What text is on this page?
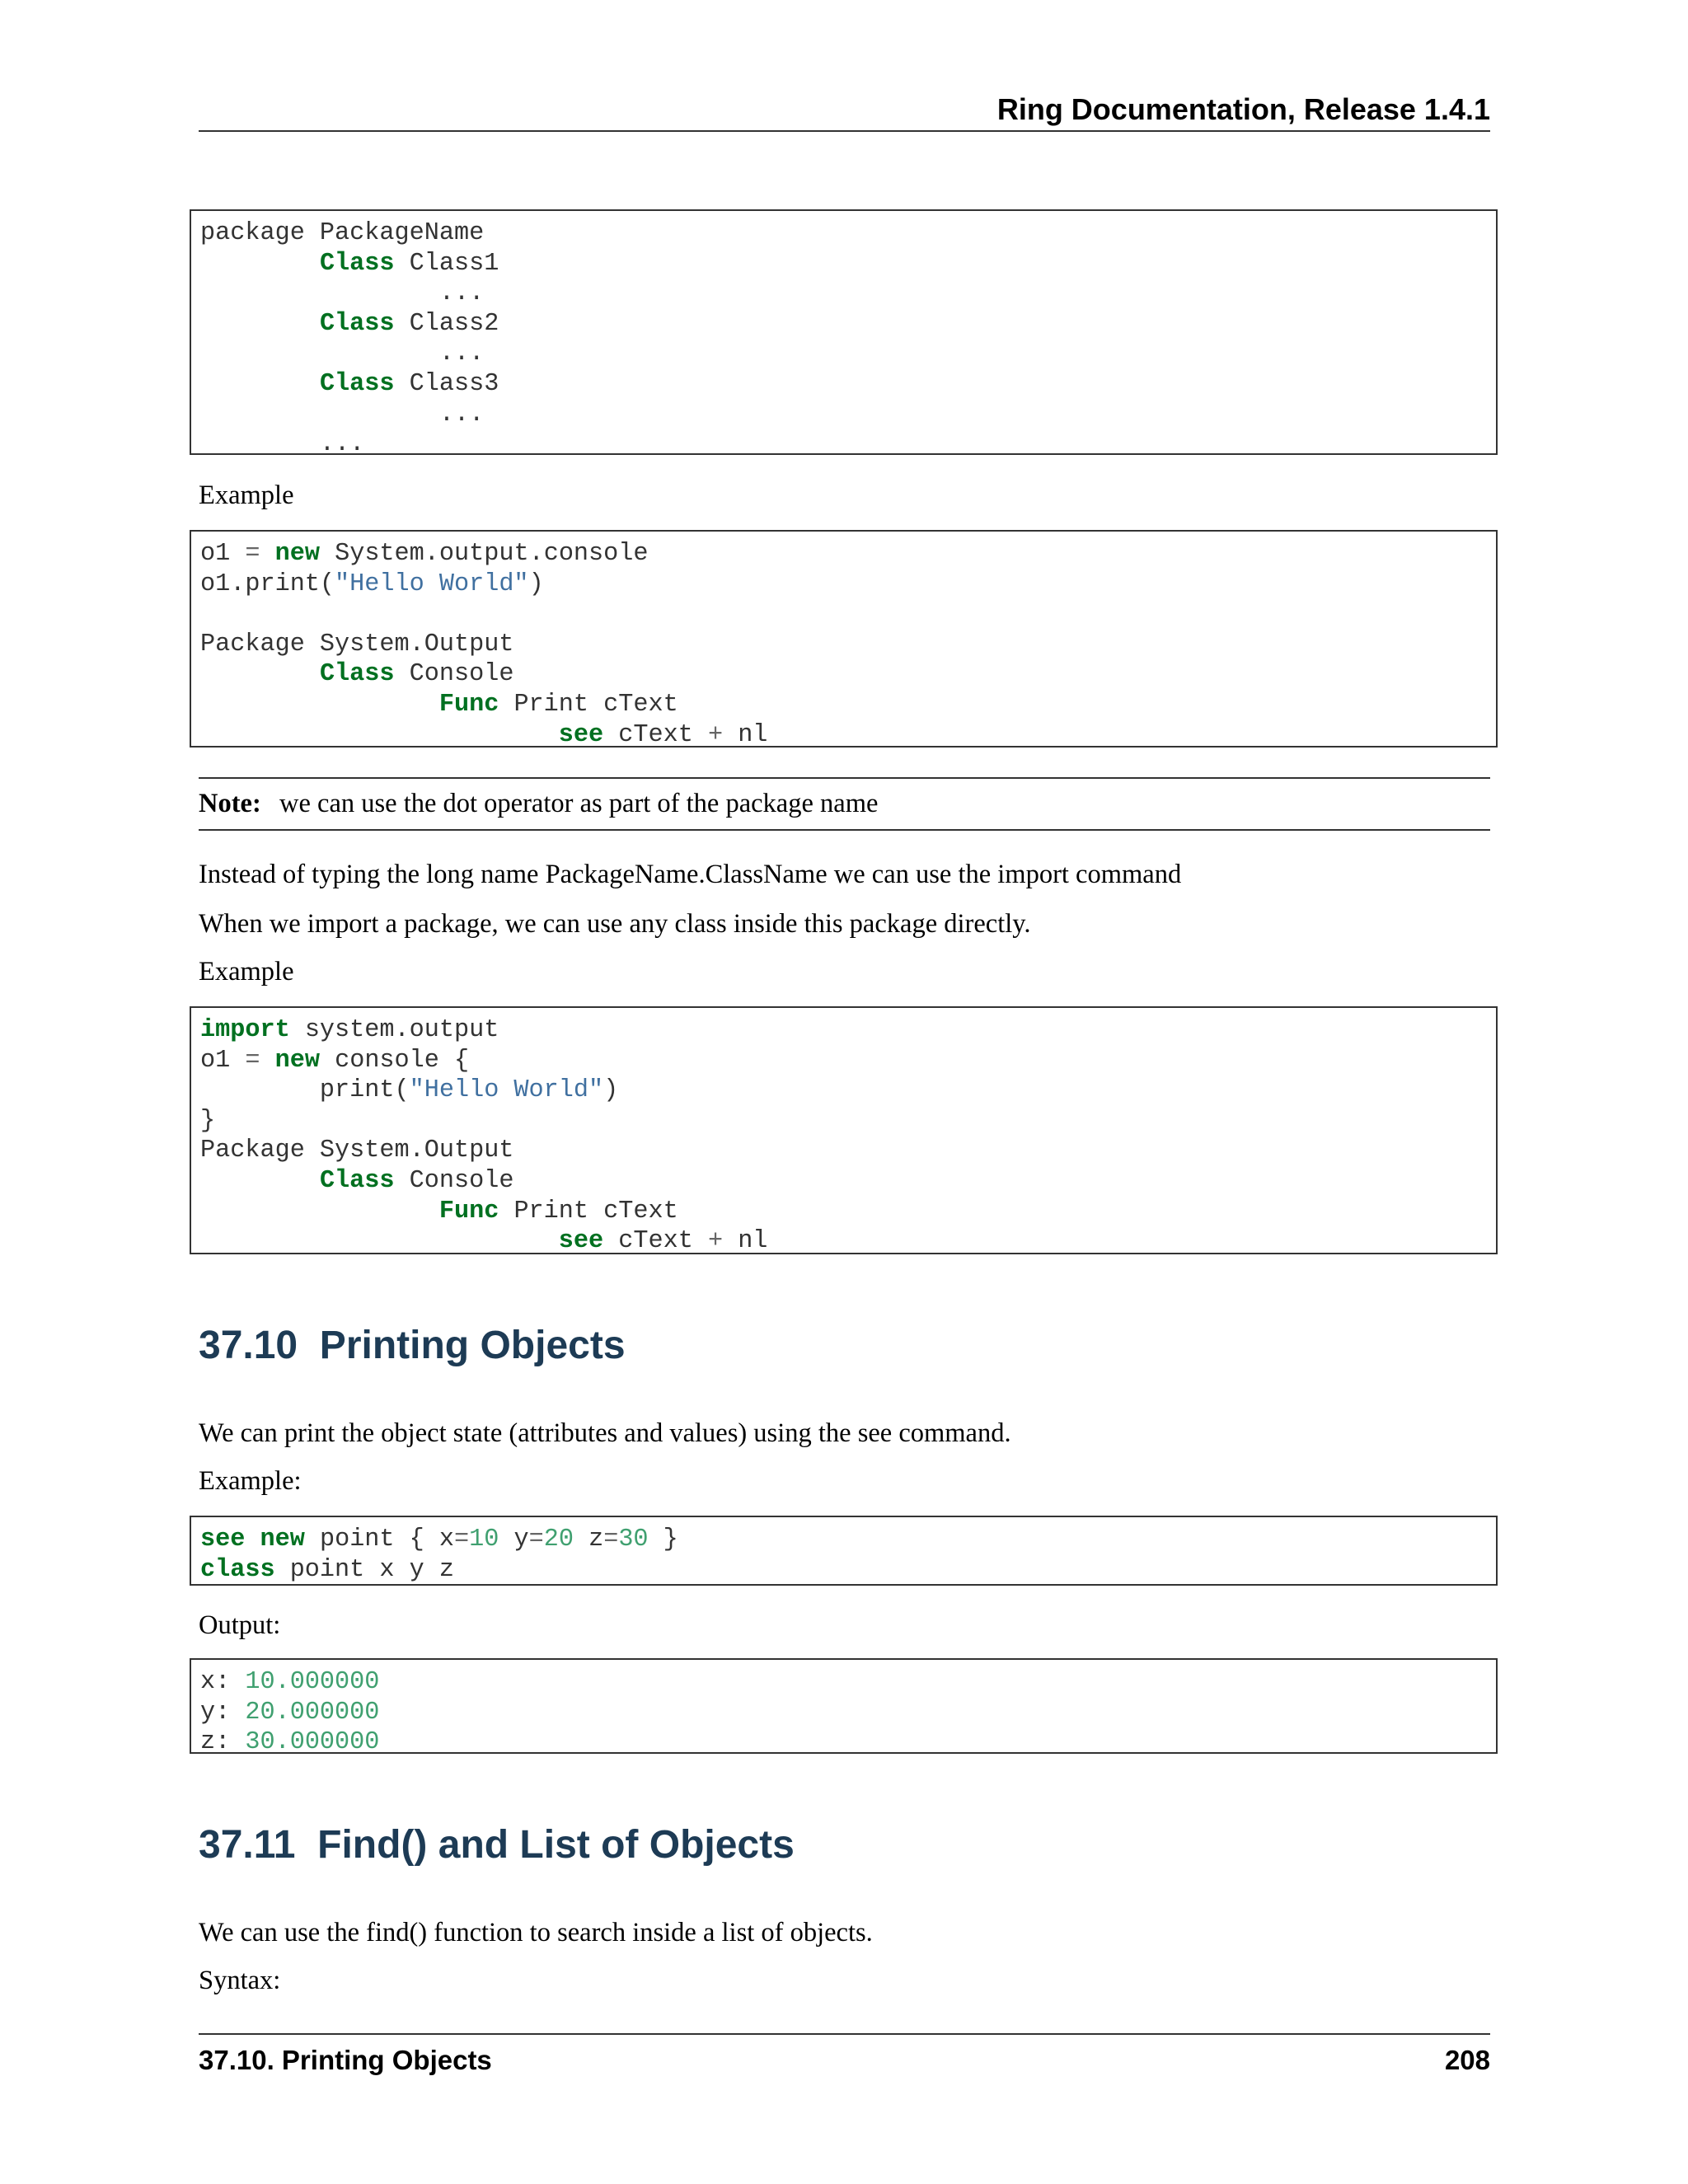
Ring Documentation, Release 1.4.1
package PackageName
Class Class1
...
Class Class2
...
Class Class3
...
...
Example
o1 = new System.output.console
o1.print("Hello World")
Package System.Output
Class Console
Func Print cText
see cText + nl
Note: we can use the dot operator as part of the package name
Instead of typing the long name PackageName.ClassName we can use the import command
When we import a package, we can use any class inside this package directly.
Example
import system.output
o1 = new console {
print("Hello World")
}
Package System.Output
Class Console
Func Print cText
see cText + nl
37.10 Printing Objects
We can print the object state (attributes and values) using the see command.
Example:
see new point { x=10 y=20 z=30 }
class point x y z
Output:
x: 10.000000
y: 20.000000
z: 30.000000
37.11 Find() and List of Objects
We can use the find() function to search inside a list of objects.
Syntax:
37.10. Printing Objects	208
